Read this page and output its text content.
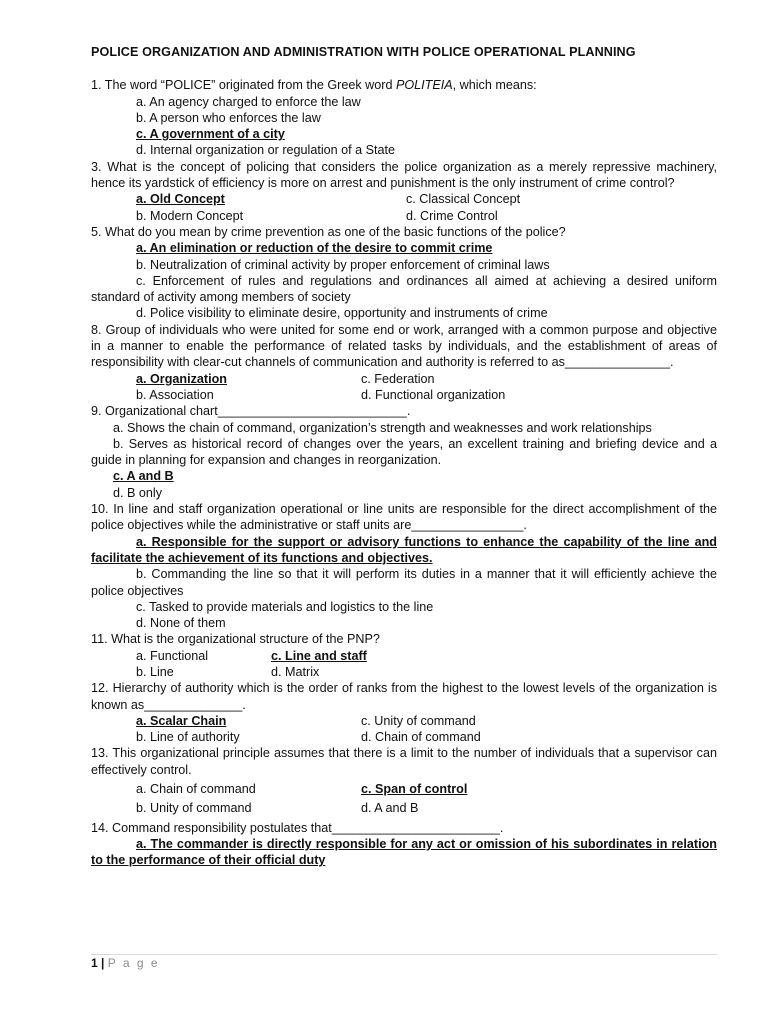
POLICE ORGANIZATION AND ADMINISTRATION WITH POLICE OPERATIONAL PLANNING
1. The word “POLICE” originated from the Greek word POLITEIA, which means:
a. An agency charged to enforce the law
b. A person who enforces the law
c. A government of a city
d. Internal organization or regulation of a State
3. What is the concept of policing that considers the police organization as a merely repressive machinery, hence its yardstick of efficiency is more on arrest and punishment is the only instrument of crime control?
a. Old Concept	c. Classical Concept
b. Modern Concept	d. Crime Control
5. What do you mean by crime prevention as one of the basic functions of the police?
a. An elimination or reduction of the desire to commit crime
b. Neutralization of criminal activity by proper enforcement of criminal laws
c. Enforcement of rules and regulations and ordinances all aimed at achieving a desired uniform standard of activity among members of society
d. Police visibility to eliminate desire, opportunity and instruments of crime
8. Group of individuals who were united for some end or work, arranged with a common purpose and objective in a manner to enable the performance of related tasks by individuals, and the establishment of areas of responsibility with clear-cut channels of communication and authority is referred to as_______________.
a. Organization	c. Federation
b. Association	d. Functional organization
9. Organizational chart___________________________.
a. Shows the chain of command, organization’s strength and weaknesses and work relationships
b. Serves as historical record of changes over the years, an excellent training and briefing device and a guide in planning for expansion and changes in reorganization.
c. A and B
d. B only
10. In line and staff organization operational or line units are responsible for the direct accomplishment of the police objectives while the administrative or staff units are________________.
a. Responsible for the support or advisory functions to enhance the capability of the line and facilitate the achievement of its functions and objectives.
b. Commanding the line so that it will perform its duties in a manner that it will efficiently achieve the police objectives
c. Tasked to provide materials and logistics to the line
d. None of them
11. What is the organizational structure of the PNP?
a. Functional	c. Line and staff
b. Line	d. Matrix
12. Hierarchy of authority which is the order of ranks from the highest to the lowest levels of the organization is known as______________.
a. Scalar Chain	c. Unity of command
b. Line of authority	d. Chain of command
13. This organizational principle assumes that there is a limit to the number of individuals that a supervisor can effectively control.
a. Chain of command	c. Span of control
b. Unity of command	d. A and B
14. Command responsibility postulates that________________________.
a. The commander is directly responsible for any act or omission of his subordinates in relation to the performance of their official duty
1 | P a g e
